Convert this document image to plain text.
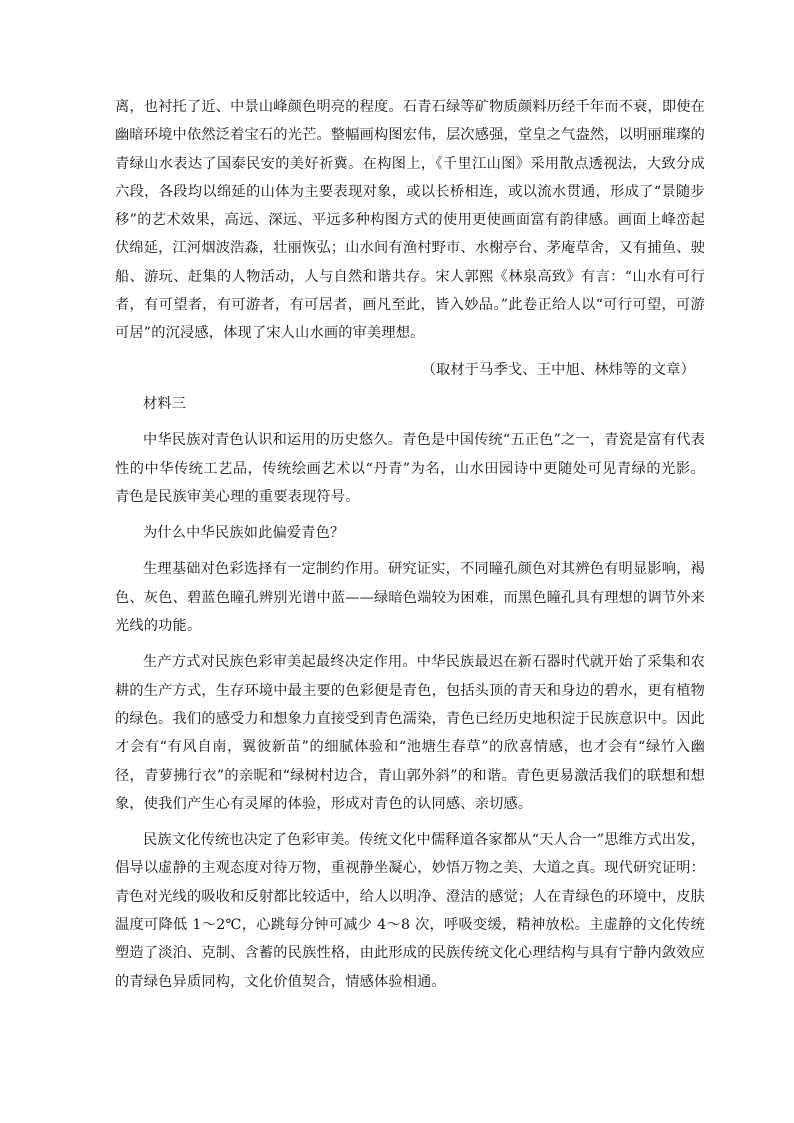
离，也衬托了近、中景山峰颜色明亮的程度。石青石绿等矿物质颜料历经千年而不衰，即使在幽暗环境中依然泛着宝石的光芒。整幅画构图宏伟，层次感强，堂皇之气盎然，以明丽璀璨的青绿山水表达了国泰民安的美好祈冀。在构图上，《千里江山图》采用散点透视法，大致分成六段，各段均以绵延的山体为主要表现对象，或以长桥相连，或以流水贯通，形成了“景随步移”的艺术效果，高远、深远、平远多种构图方式的使用更使画面富有韵律感。画面上峰峦起伏绵延，江河烟波浩淼，壮丽恢弘；山水间有渔村野市、水榭亭台、茅庵草舍，又有捕鱼、驶船、游玩、赶集的人物活动，人与自然和谐共存。宋人郭熙《林泉高致》有言：“山水有可行者，有可望者，有可游者，有可居者，画凡至此，皆入妙品。”此卷正给人以“可行可望，可游可居”的沉浸感，体现了宋人山水画的审美理想。

（取材于马季戈、王中旭、林炜等的文章）

材料三

中华民族对青色认识和运用的历史悠久。青色是中国传统“五正色”之一，青瓷是富有代表性的中华传统工艺品，传统绘画艺术以“丹青”为名，山水田园诗中更随处可见青绿的光影。青色是民族审美心理的重要表现符号。

为什么中华民族如此偏爱青色？

生理基础对色彩选择有一定制约作用。研究证实，不同瞳孔颜色对其辨色有明显影响，褐色、灰色、碧蓝色瞳孔辨别光谱中蓝——绿暗色端较为困难，而黑色瞳孔具有理想的调节外来光线的功能。

生产方式对民族色彩审美起最终决定作用。中华民族最迟在新石器时代就开始了采集和农耕的生产方式，生存环境中最主要的色彩便是青色，包括头顶的青天和身边的碧水，更有植物的绿色。我们的感受力和想象力直接受到青色濡染，青色已经历史地积淀于民族意识中。因此才会有“有风自南，翼彼新苗”的细腻体验和“池塘生春草”的欣喜情感，也才会有“绿竹入幽径，青萝拂行衣”的亲昵和“绿树村边合，青山郭外斜”的和谐。青色更易激活我们的联想和想象，使我们产生心有灵犀的体验，形成对青色的认同感、亲切感。

民族文化传统也决定了色彩审美。传统文化中儒释道各家都从“天人合一”思维方式出发，倡导以虚静的主观态度对待万物，重视静坐凝心，妙悟万物之美、大道之真。现代研究证明：青色对光线的吸收和反射都比较适中，给人以明净、澄洁的感觉；人在青绿色的环境中，皮肤温度可降低 1～2℃，心跳每分钟可减少 4～8 次，呼吸变缓，精神放松。主虚静的文化传统塑造了淡泊、克制、含蓄的民族性格，由此形成的民族传统文化心理结构与具有宁静内敛效应的青绿色异质同构，文化价值契合，情感体验相通。
